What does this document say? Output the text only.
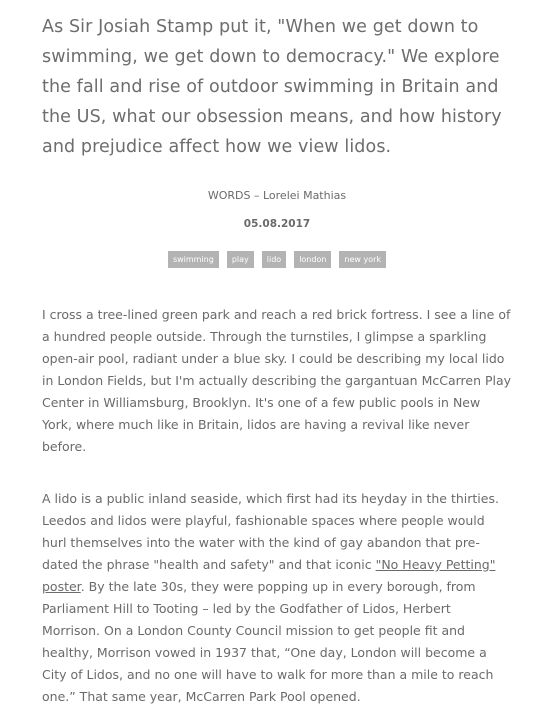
As Sir Josiah Stamp put it, "When we get down to swimming, we get down to democracy." We explore the fall and rise of outdoor swimming in Britain and the US, what our obsession means, and how history and prejudice affect how we view lidos.

WORDS – Lorelei Mathias
05.08.2017
swimming	play	lido	london	new york

I cross a tree-lined green park and reach a red brick fortress. I see a line of a hundred people outside. Through the turnstiles, I glimpse a sparkling open-air pool, radiant under a blue sky. I could be describing my local lido in London Fields, but I'm actually describing the gargantuan McCarren Play Center in Williamsburg, Brooklyn. It's one of a few public pools in New York, where much like in Britain, lidos are having a revival like never before.

A lido is a public inland seaside, which first had its heyday in the thirties. Leedos and lidos were playful, fashionable spaces where people would hurl themselves into the water with the kind of gay abandon that pre-dated the phrase "health and safety" and that iconic "No Heavy Petting" poster. By the late 30s, they were popping up in every borough, from Parliament Hill to Tooting – led by the Godfather of Lidos, Herbert Morrison. On a London County Council mission to get people fit and healthy, Morrison vowed in 1937 that, “One day, London will become a City of Lidos, and no one will have to walk for more than a mile to reach one.” That same year, McCarren Park Pool opened.
